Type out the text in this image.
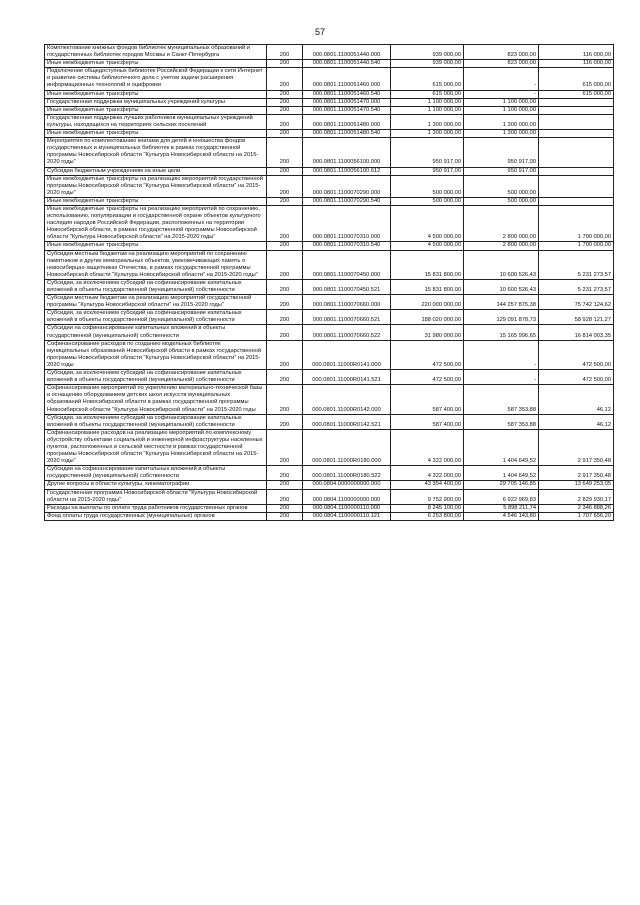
57
Комплектование книжных фондов библиотек муниципальных образований и государственных библиотек городов Москвы и Санкт-Петербурга	200	000.0801.1100051440.000	939 000,00	823 000,00	116 000,00
Иные межбюджетные трансферты	200	000.0801.1100051440.540	939 000,00	823 000,00	116 000,00
Подключение общедоступных библиотек Российской Федерации к сети Интернет и развитие системы библиотечного дела с учетом задачи расширения информационных технологий и оцифровки	200	000.0801.1100051460.000	615 000,00	-	615 000,00
Иные межбюджетные трансферты	200	000.0801.1100051460.540	615 000,00	-	615 000,00
Государственная поддержка муниципальных учреждений культуры	200	000.0801.1100051470.000	1 100 000,00	1 100 000,00	
Иные межбюджетные трансферты	200	000.0801.1100051470.540	1 100 000,00	1 100 000,00	
Государственная поддержка лучших работников муниципальных учреждений культуры, находящихся на территориях сельских поселений	200	000.0801.1100051480.000	1 300 000,00	1 300 000,00	
Иные межбюджетные трансферты	200	000.0801.1100051480.540	1 300 000,00	1 300 000,00	
Мероприятия по комплектованию книгами для детей и юношества фондов государственных и муниципальных библиотек в рамках государственной программы Новосибирской области "Культура Новосибирской области на 2015-2020 годы"	200	000.0801.1100056100.000	950 917,00	950 917,00	
Субсидии бюджетным учреждениям на иные цели	200	000.0801.1100056100.612	950 917,00	950 917,00	
Иные межбюджетные трансферты на реализацию мероприятий государственной программы Новосибирской области "Культура Новосибирской области" на 2015-2020 годы"	200	000.0801.1100070290.000	500 000,00	500 000,00	
Иные межбюджетные трансферты	200	000.0801.1100070290.540	500 000,00	500 000,00	
Иные межбюджетные трансферты на реализацию мероприятий по сохранению, использованию, популяризации и государственной охране объектов культурного наследия народов Российской Федерации, расположенных на территории Новосибирской области, в рамках государственной программы Новосибирской области "Культура Новосибирской области" на 2015-2020 годы"	200	000.0801.1100070310.000	4 500 000,00	2 800 000,00	1 700 000,00
Иные межбюджетные трансферты	200	000.0801.1100070310.540	4 500 000,00	2 800 000,00	1 700 000,00
Субсидии местным бюджетам на реализацию мероприятий по сохранению памятников и других мемориальных объектов, увековечивающих память о новосибирцах-защитниках Отечества, в рамках государственной программы Новосибирской области "Культура Новосибирской области" на 2015-2020 годы"	200	000.0801.1100070450.000	15 831 800,00	10 600 526,43	5 231 273,57
Субсидии, за исключением субсидий на софинансирование капитальных вложений в объекты государственной (муниципальной) собственности	200	000.0801.1100070450.521	15 831 800,00	10 600 526,43	5 231 273,57
Субсидии местным бюджетам на реализацию мероприятий государственной программы "Культура Новосибирской области" на 2015-2020 годы"	200	000.0801.1100070660.000	220 000 000,00	144 257 875,38	75 742 124,62
Субсидии, за исключением субсидий на софинансирование капитальных вложений в объекты государственной (муниципальной) собственности	200	000.0801.1100070660.521	188 020 000,00	129 091 878,73	58 928 121,27
Субсидии на софинансирование капитальных вложений в объекты государственной (муниципальной) собственности	200	000.0801.1100070660.522	31 980 000,00	15 165 996,65	16 814 003,35
Софинансирование расходов по созданию модельных библиотек муниципальных образований Новосибирской области в рамках государственной программы Новосибирской области "Культура Новосибирской области" на 2015-2020 годы	200	000.0801.11000R0141.000	472 500,00	-	472 500,00
Субсидии, за исключением субсидий на софинансирование капитальных вложений в объекты государственной (муниципальной) собственности	200	000.0801.11000R0141.521	472 500,00	-	472 500,00
Софинансирование мероприятий по укреплению материально-технической базы и оснащению оборудованием детских школ искусств муниципальных образований Новосибирской области в рамках государственной программы Новосибирской области "Культура Новосибирской области" на 2015-2020 годы	200	000.0801.11000R0142.000	587 400,00	587 353,88	46,12
Субсидии, за исключением субсидий на софинансирование капитальных вложений в объекты государственной (муниципальной) собственности	200	000.0801.11000R0142.521	587 400,00	587 353,88	46,12
Софинансирование расходов на реализацию мероприятий по комплексному обустройству объектами социальной и инженерной инфраструктуры населенных пунктов, расположенных в сельской местности в рамках государственной программы Новосибирской области "Культура Новосибирской области на 2015-2020 годы"	200	000.0801.11000R0180.000	4 322 000,00	1 404 649,52	2 917 350,48
Субсидии на софинансирование капитальных вложений в объекты государственной (муниципальной) собственности	200	000.0801.11000R0180.522	4 322 000,00	1 404 649,52	2 917 350,48
Другие вопросы в области культуры, кинематографии	200	000.0804.0000000000.000	43 354 400,00	29 705 146,85	13 649 253,05
Государственная программа Новосибирской области "Культура Новосибирской области на 2015-2020 годы"	200	000.0804.1100000000.000	9 752 900,00	6 922 969,83	2 829 930,17
Расходы на выплаты по оплате труда работников государственных органов	200	000.0804.1100000110.000	8 245 100,00	5 898 211,74	2 346 888,26
Фонд оплаты труда государственных (муниципальных) органов	200	000.0804.1100000110.121	6 253 800,00	4 546 143,80	1 707 656,20
